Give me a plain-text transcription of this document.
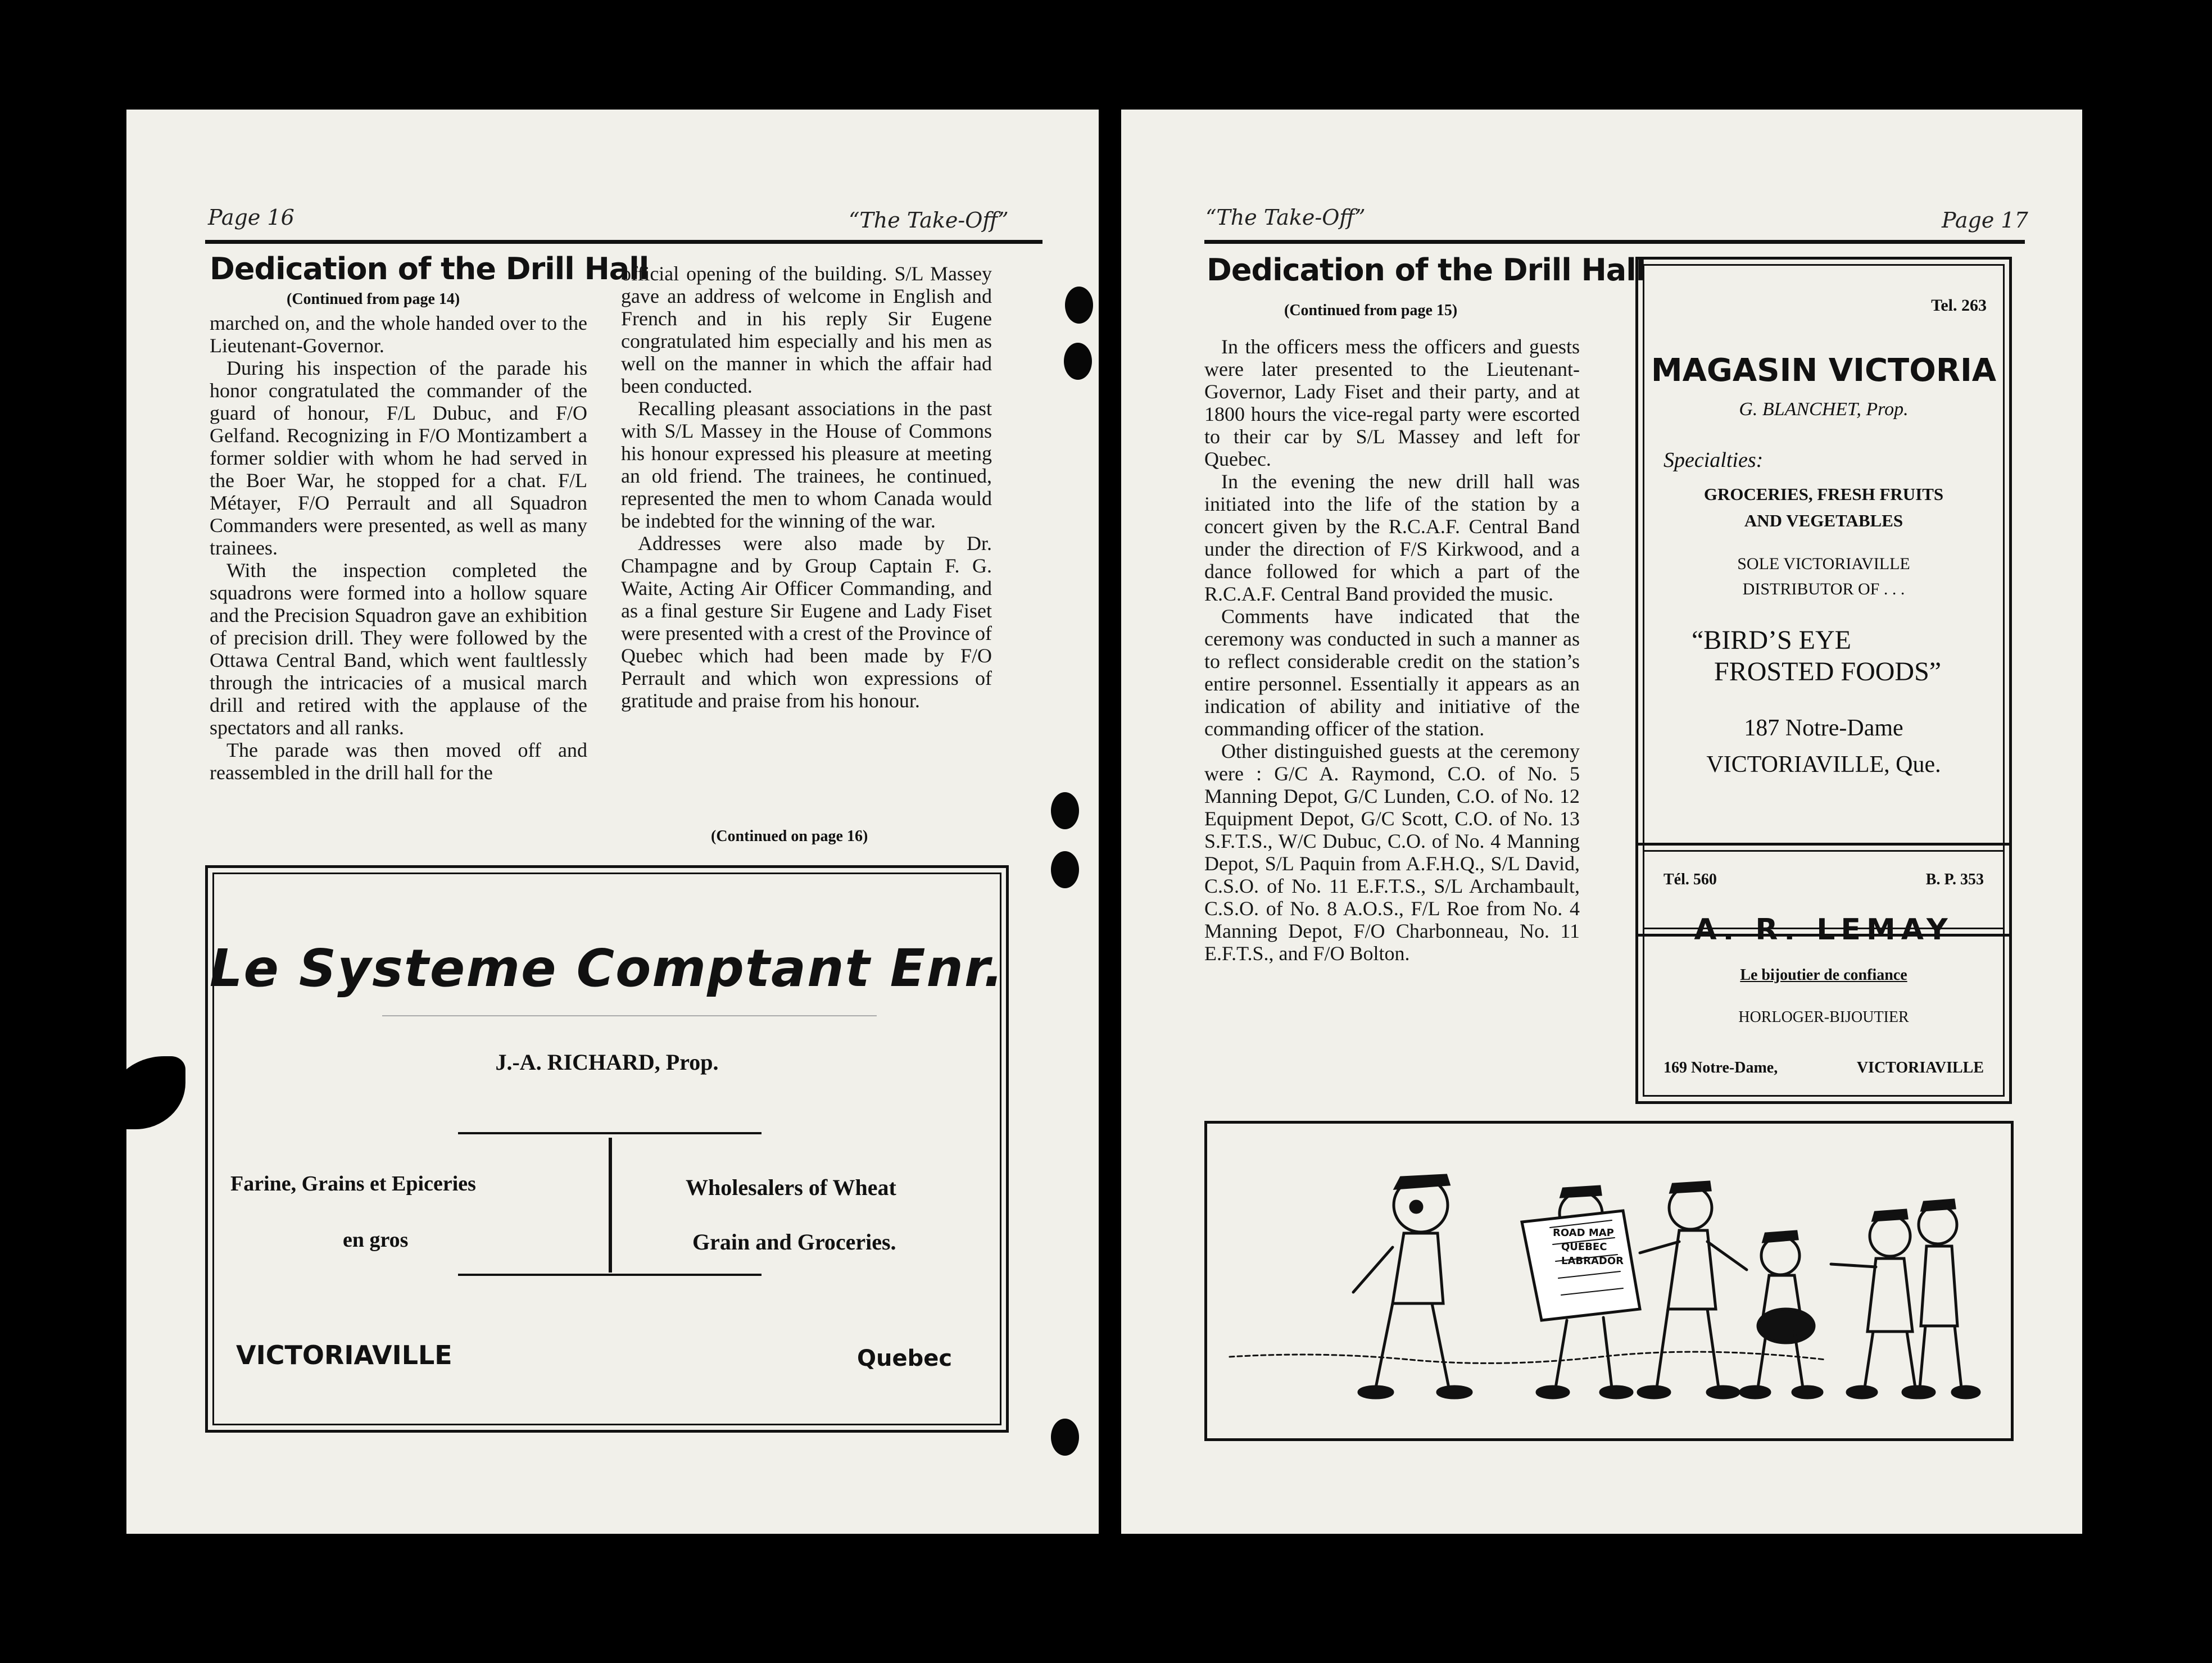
Page 16	“The Take-Off”
Dedication of the Drill Hall
(Continued from page 14)

marched on, and the whole handed over to the Lieutenant-Governor.

During his inspection of the parade his honor congratulated the commander of the guard of honour, F/L Dubuc, and F/O Gelfand. Recognizing in F/O Montizambert a former soldier with whom he had served in the Boer War, he stopped for a chat. F/L Métayer, F/O Perrault and all Squadron Commanders were presented, as well as many trainees.

With the inspection completed the squadrons were formed into a hollow square and the Precision Squadron gave an exhibition of precision drill. They were followed by the Ottawa Central Band, which went faultlessly through the intricacies of a musical march drill and retired with the applause of the spectators and all ranks.

The parade was then moved off and reassembled in the drill hall for the

official opening of the building. S/L Massey gave an address of welcome in English and French and in his reply Sir Eugene congratulated him especially and his men as well on the manner in which the affair had been conducted.

Recalling pleasant associations in the past with S/L Massey in the House of Commons his honour expressed his pleasure at meeting an old friend. The trainees, he continued, represented the men to whom Canada would be indebted for the winning of the war.

Addresses were also made by Dr. Champagne and by Group Captain F. G. Waite, Acting Air Officer Commanding, and as a final gesture Sir Eugene and Lady Fiset were presented with a crest of the Province of Quebec which had been made by F/O Perrault and which won expressions of gratitude and praise from his honour.

(Continued on page 16)
Le Systeme Comptant Enr.
J.-A. RICHARD, Prop.
Farine, Grains et Epiceries
en gros
Wholesalers of Wheat
Grain and Groceries.
VICTORIAVILLE	Quebec
“The Take-Off”	Page 17
Dedication of the Drill Hall
(Continued from page 15)

In the officers mess the officers and guests were later presented to the Lieutenant-Governor, Lady Fiset and their party, and at 1800 hours the vice-regal party were escorted to their car by S/L Massey and left for Quebec.

In the evening the new drill hall was initiated into the life of the station by a concert given by the R.C.A.F. Central Band under the direction of F/S Kirkwood, and a dance followed for which a part of the R.C.A.F. Central Band provided the music.

Comments have indicated that the ceremony was conducted in such a manner as to reflect considerable credit on the station’s entire personnel. Essentially it appears as an indication of ability and initiative of the commanding officer of the station.

Other distinguished guests at the ceremony were : G/C A. Raymond, C.O. of No. 5 Manning Depot, G/C Lunden, C.O. of No. 12 Equipment Depot, G/C Scott, C.O. of No. 13 S.F.T.S., W/C Dubuc, C.O. of No. 4 Manning Depot, S/L Paquin from A.F.H.Q., S/L David, C.S.O. of No. 11 E.F.T.S., S/L Archambault, C.S.O. of No. 8 A.O.S., F/L Roe from No. 4 Manning Depot, F/O Charbonneau, No. 11 E.F.T.S., and F/O Bolton.

Tel. 263
MAGASIN VICTORIA
G. BLANCHET, Prop.
Specialties:
GROCERIES, FRESH FRUITS
AND VEGETABLES
SOLE VICTORIAVILLE
DISTRIBUTOR OF . . .
“BIRD’S EYE
FROSTED FOODS”
187 Notre-Dame
VICTORIAVILLE, Que.
Tél. 560	B. P. 353
A. R. LEMAY
Le bijoutier de confiance
HORLOGER-BIJOUTIER
169 Notre-Dame,	VICTORIAVILLE
ROAD MAP
QUEBEC
LABRADOR
